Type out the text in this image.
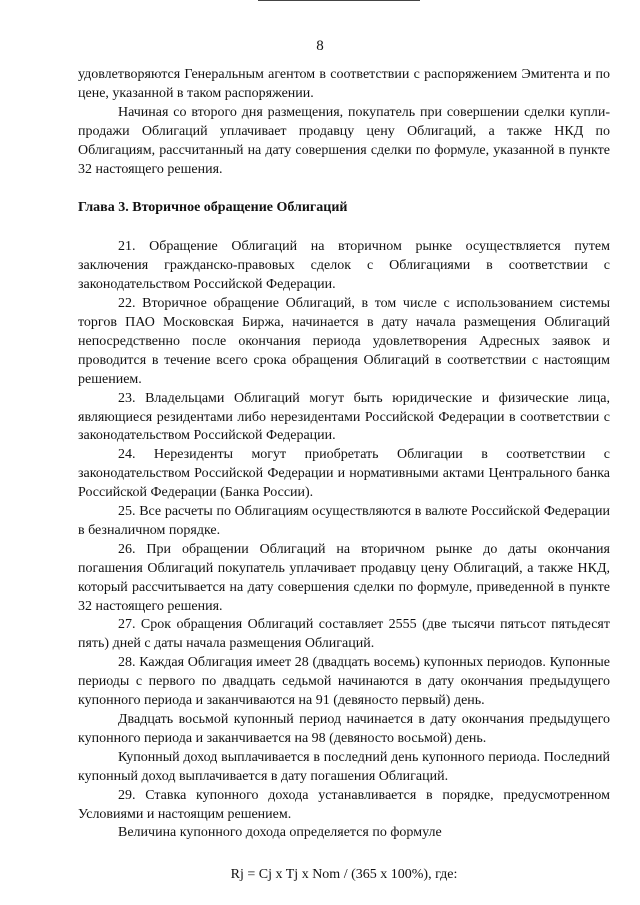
8

удовлетворяются Генеральным агентом в соответствии с распоряжением Эмитента и по цене, указанной в таком распоряжении.

Начиная со второго дня размещения, покупатель при совершении сделки купли-продажи Облигаций уплачивает продавцу цену Облигаций, а также НКД по Облигациям, рассчитанный на дату совершения сделки по формуле, указанной в пункте 32 настоящего решения.

Глава 3. Вторичное обращение Облигаций

21. Обращение Облигаций на вторичном рынке осуществляется путем заключения гражданско-правовых сделок с Облигациями в соответствии с законодательством Российской Федерации.

22. Вторичное обращение Облигаций, в том числе с использованием системы торгов ПАО Московская Биржа, начинается в дату начала размещения Облигаций непосредственно после окончания периода удовлетворения Адресных заявок и проводится в течение всего срока обращения Облигаций в соответствии с настоящим решением.

23. Владельцами Облигаций могут быть юридические и физические лица, являющиеся резидентами либо нерезидентами Российской Федерации в соответствии с законодательством Российской Федерации.

24. Нерезиденты могут приобретать Облигации в соответствии с законодательством Российской Федерации и нормативными актами Центрального банка Российской Федерации (Банка России).

25. Все расчеты по Облигациям осуществляются в валюте Российской Федерации в безналичном порядке.

26. При обращении Облигаций на вторичном рынке до даты окончания погашения Облигаций покупатель уплачивает продавцу цену Облигаций, а также НКД, который рассчитывается на дату совершения сделки по формуле, приведенной в пункте 32 настоящего решения.

27. Срок обращения Облигаций составляет 2555 (две тысячи пятьсот пятьдесят пять) дней с даты начала размещения Облигаций.

28. Каждая Облигация имеет 28 (двадцать восемь) купонных периодов. Купонные периоды с первого по двадцать седьмой начинаются в дату окончания предыдущего купонного периода и заканчиваются на 91 (девяносто первый) день.

Двадцать восьмой купонный период начинается в дату окончания предыдущего купонного периода и заканчивается на 98 (девяносто восьмой) день.

Купонный доход выплачивается в последний день купонного периода. Последний купонный доход выплачивается в дату погашения Облигаций.

29. Ставка купонного дохода устанавливается в порядке, предусмотренном Условиями и настоящим решением.

Величина купонного дохода определяется по формуле

Rj = Cj x Tj x Nom / (365 x 100%), где:
